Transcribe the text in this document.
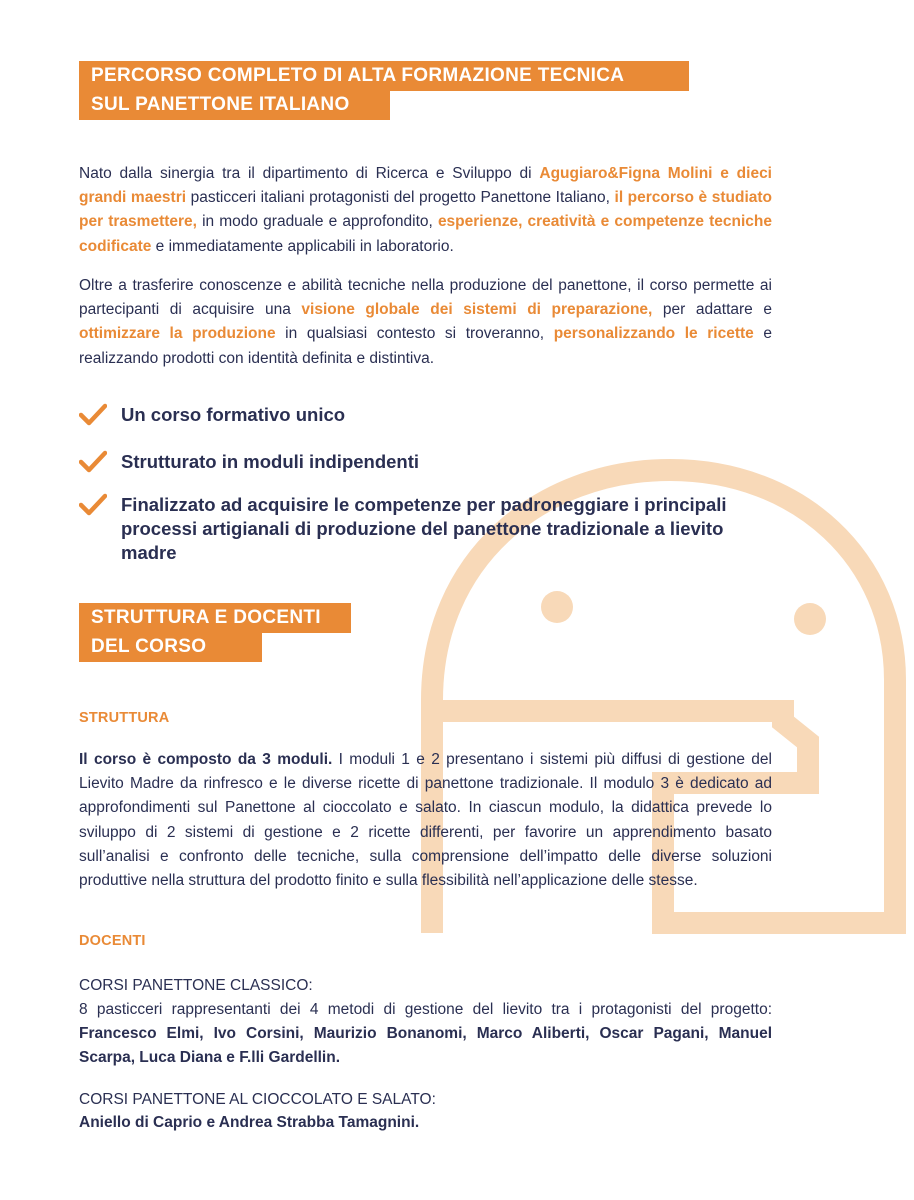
PERCORSO COMPLETO DI ALTA FORMAZIONE TECNICA
SUL PANETTONE ITALIANO
Nato dalla sinergia tra il dipartimento di Ricerca e Sviluppo di Agugiaro&Figna Molini e dieci grandi maestri pasticceri italiani protagonisti del progetto Panettone Italiano, il percorso è studiato per trasmettere, in modo graduale e approfondito, esperienze, creatività e competenze tecniche codificate e immediatamente applicabili in laboratorio.
Oltre a trasferire conoscenze e abilità tecniche nella produzione del panettone, il corso permette ai partecipanti di acquisire una visione globale dei sistemi di preparazione, per adattare e ottimizzare la produzione in qualsiasi contesto si troveranno, personalizzando le ricette e realizzando prodotti con identità definita e distintiva.
Un corso formativo unico
Strutturato in moduli indipendenti
Finalizzato ad acquisire le competenze per padroneggiare i principali processi artigianali di produzione del panettone tradizionale a lievito madre
STRUTTURA E DOCENTI
DEL CORSO
STRUTTURA
Il corso è composto da 3 moduli. I moduli 1 e 2 presentano i sistemi più diffusi di gestione del Lievito Madre da rinfresco e le diverse ricette di panettone tradizionale. Il modulo 3 è dedicato ad approfondimenti sul Panettone al cioccolato e salato. In ciascun modulo, la didattica prevede lo sviluppo di 2 sistemi di gestione e 2 ricette differenti, per favorire un apprendimento basato sull’analisi e confronto delle tecniche, sulla comprensione dell’impatto delle diverse soluzioni produttive nella struttura del prodotto finito e sulla flessibilità nell’applicazione delle stesse.
DOCENTI
CORSI PANETTONE CLASSICO:
8 pasticceri rappresentanti dei 4 metodi di gestione del lievito tra i protagonisti del progetto: Francesco Elmi, Ivo Corsini, Maurizio Bonanomi, Marco Aliberti, Oscar Pagani, Manuel Scarpa, Luca Diana e F.lli Gardellin.
CORSI PANETTONE AL CIOCCOLATO E SALATO:
Aniello di Caprio e Andrea Strabba Tamagnini.
